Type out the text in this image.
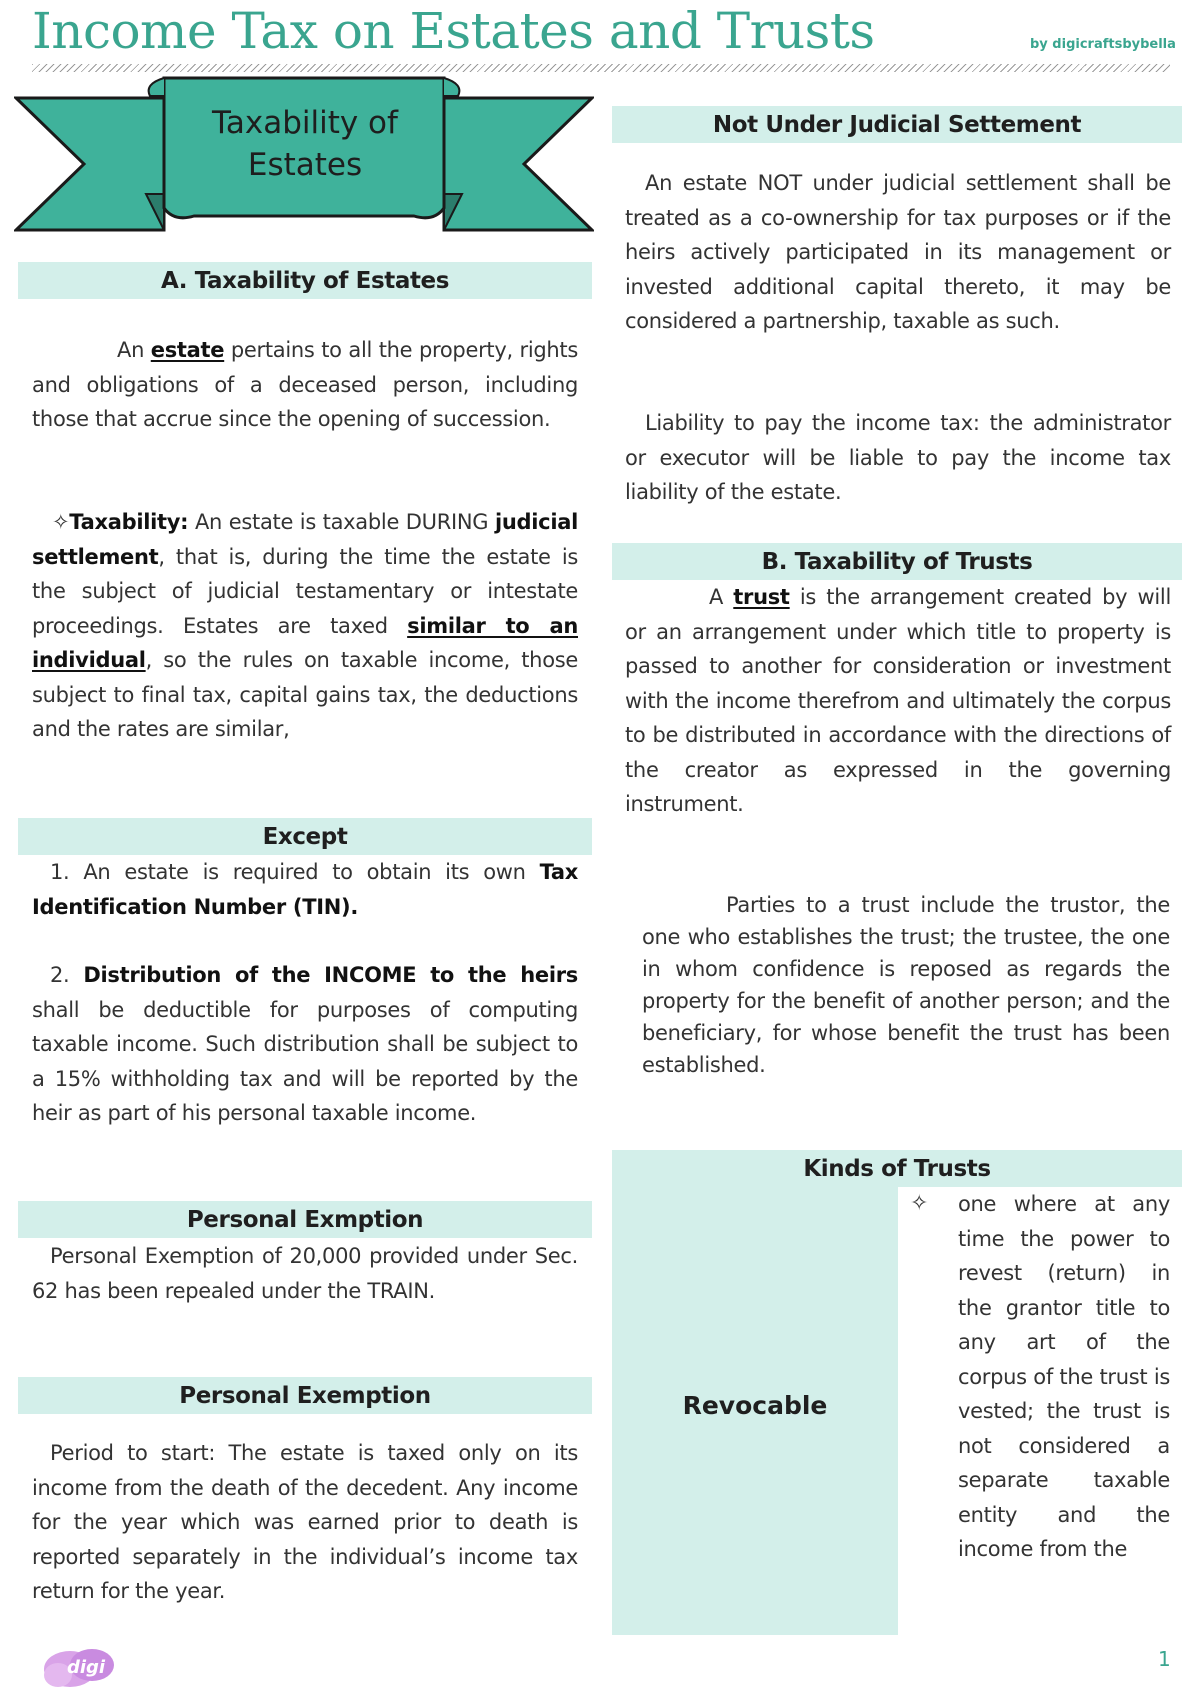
Income Tax on Estates and Trusts	by digicraftsbybella
Taxability of
Estates
A. Taxability of Estates

An estate pertains to all the property, rights and obligations of a deceased person, including those that accrue since the opening of succession.

✧Taxability: An estate is taxable DURING judicial settlement, that is, during the time the estate is the subject of judicial testamentary or intestate proceedings. Estates are taxed similar to an individual, so the rules on taxable income, those subject to final tax, capital gains tax, the deductions and the rates are similar,

Except

1. An estate is required to obtain its own Tax Identification Number (TIN).

2. Distribution of the INCOME to the heirs shall be deductible for purposes of computing taxable income. Such distribution shall be subject to a 15% withholding tax and will be reported by the heir as part of his personal taxable income.

Personal Exmption

Personal Exemption of 20,000 provided under Sec. 62 has been repealed under the TRAIN.

Personal Exemption

Period to start: The estate is taxed only on its income from the death of the decedent. Any income for the year which was earned prior to death is reported separately in the individual’s income tax return for the year.

Not Under Judicial Settement

An estate NOT under judicial settlement shall be treated as a co-ownership for tax purposes or if the heirs actively participated in its management or invested additional capital thereto, it may be considered a partnership, taxable as such.

Liability to pay the income tax: the administrator or executor will be liable to pay the income tax liability of the estate.

B. Taxability of Trusts

A trust is the arrangement created by will or an arrangement under which title to property is passed to another for consideration or investment with the income therefrom and ultimately the corpus to be distributed in accordance with the directions of the creator as expressed in the governing instrument.

Parties to a trust include the trustor, the one who establishes the trust; the trustee, the one in whom confidence is reposed as regards the property for the benefit of another person; and the beneficiary, for whose benefit the trust has been established.

Kinds of Trusts
Revocable
✧ one where at any time the power to revest (return) in the grantor title to any art of the corpus of the trust is vested; the trust is not considered a separate taxable entity and the income from the

digi	1
